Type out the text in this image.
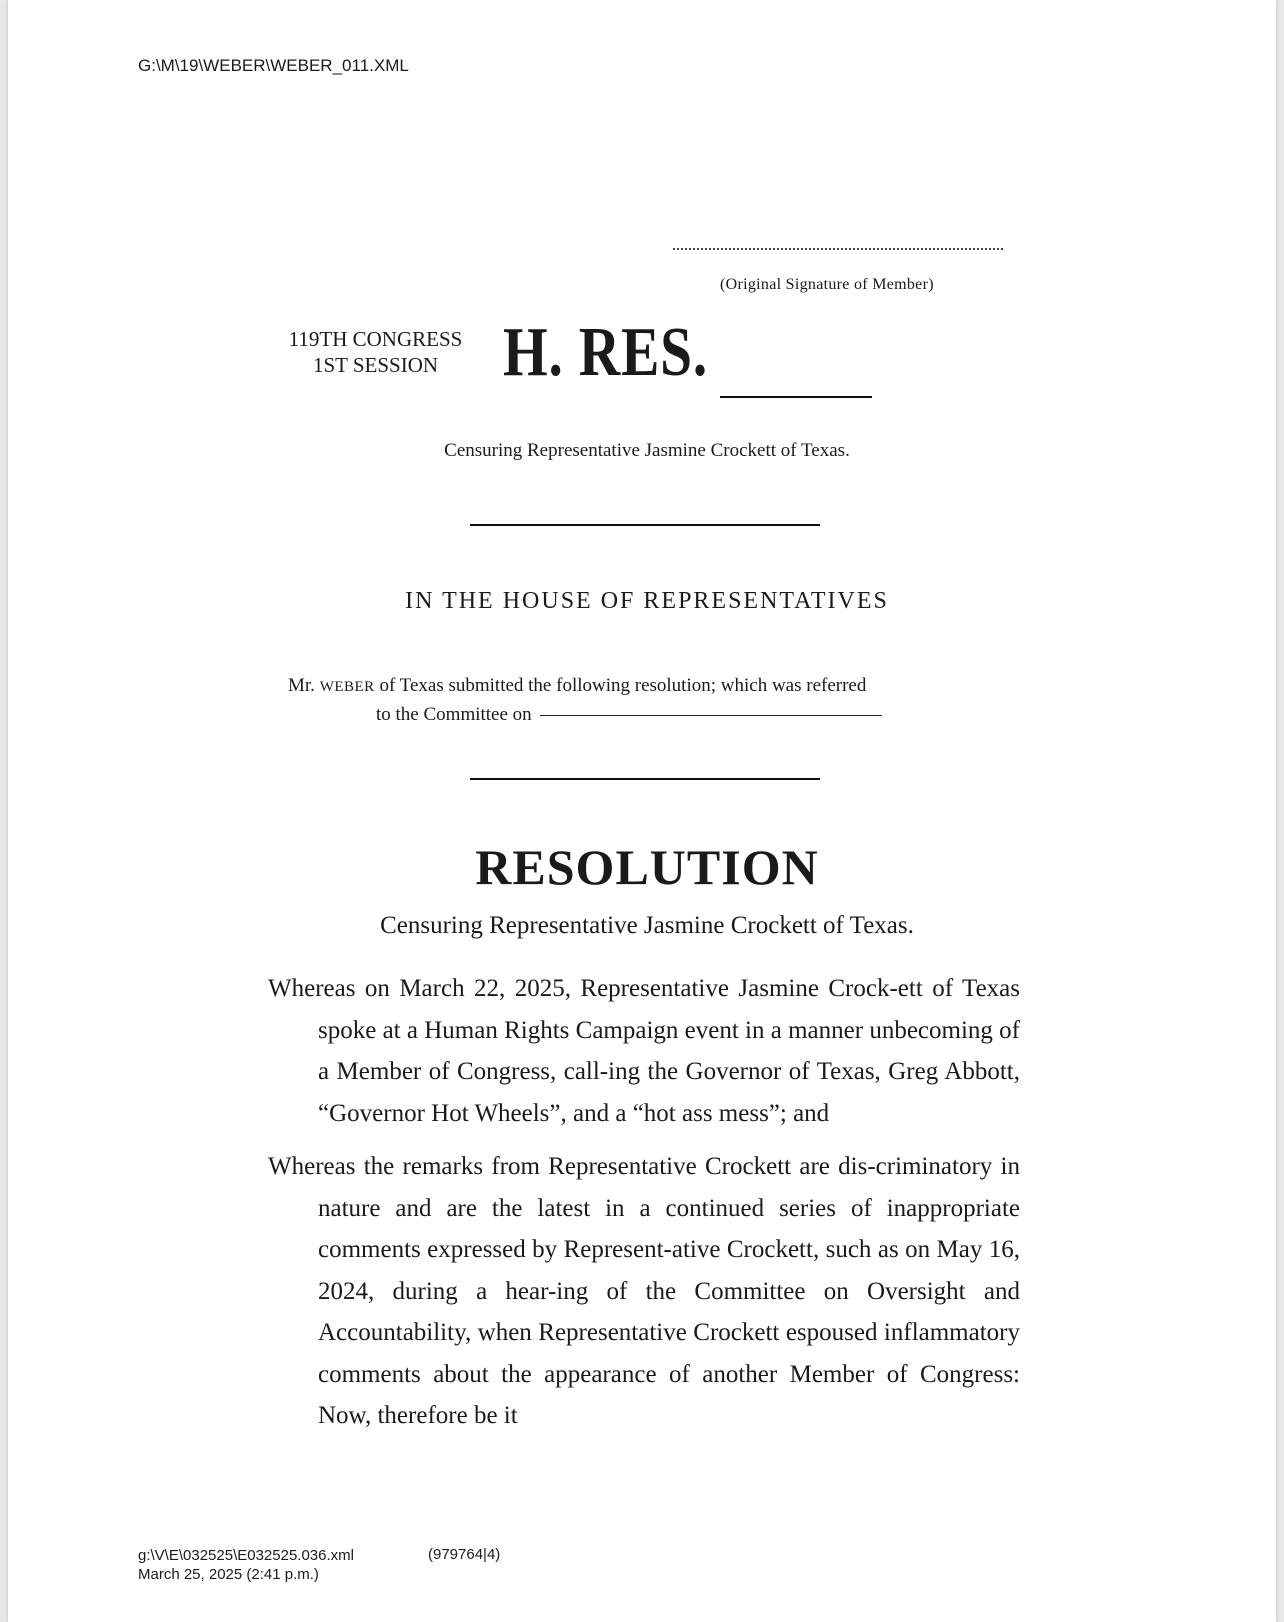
G:\M\19\WEBER\WEBER_011.XML
(Original Signature of Member)
119TH CONGRESS
1ST SESSION H. RES.
Censuring Representative Jasmine Crockett of Texas.
IN THE HOUSE OF REPRESENTATIVES
Mr. WEBER of Texas submitted the following resolution; which was referred
to the Committee on
RESOLUTION
Censuring Representative Jasmine Crockett of Texas.
Whereas on March 22, 2025, Representative Jasmine Crock-ett of Texas spoke at a Human Rights Campaign event in a manner unbecoming of a Member of Congress, call-ing the Governor of Texas, Greg Abbott, “Governor Hot Wheels”, and a “hot ass mess”; and
Whereas the remarks from Representative Crockett are dis-criminatory in nature and are the latest in a continued series of inappropriate comments expressed by Represent-ative Crockett, such as on May 16, 2024, during a hear-ing of the Committee on Oversight and Accountability, when Representative Crockett espoused inflammatory comments about the appearance of another Member of Congress: Now, therefore be it
g:\V\E\032525\E032525.036.xml
March 25, 2025 (2:41 p.m.)
(979764|4)
